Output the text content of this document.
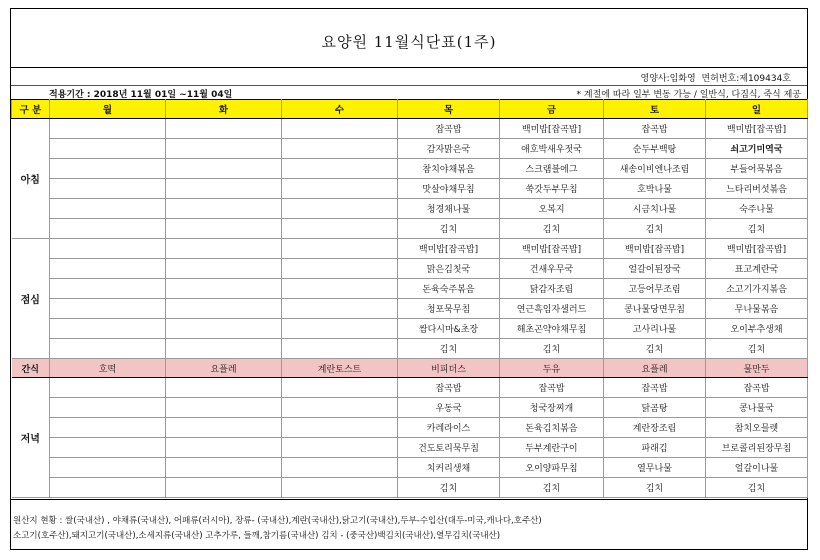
요양원 11월식단표(1주)
영양사:임화영 면허번호:제109434호
적용기간 : 2018년 11월 01일 ~11월 04일	* 계절에 따라 일부 변동 가능 / 일반식, 다짐식, 죽식 제공
구 분	월	화	수	목	금	토	일
아침				잡곡밥	백미밥[잡곡밥]	잡곡밥	백미밥[잡곡밥]
				감자맑은국	애호박새우젓국	순두부백탕	쇠고기미역국
				참치야채볶음	스크램블에그	새송이비엔나조림	부들어묵볶음
				맛살야채무침	쑥갓두부무침	호박나물	느타리버섯볶음
				청경채나물	오복지	시금치나물	숙주나물
				김치	김치	김치	김치
점심				백미밥[잡곡밥]	백미밥[잡곡밥]	백미밥[잡곡밥]	백미밥[잡곡밥]
				맑은김칫국	건새우무국	얼갈이된장국	표고계란국
				돈육숙주볶음	닭감자조림	고등어무조림	소고기가지볶음
				청포묵무침	연근흑임자샐러드	콩나물당면무침	무나물볶음
				쌈다시마&초장	해초곤약야채무침	고사리나물	오이부추생채
				김치	김치	김치	김치
간식	호떡	요플레	계란토스트	비피더스	두유	요플레	물만두
저녁				잡곡밥	잡곡밥	잡곡밥	잡곡밥
				우동국	청국장찌개	닭곰탕	콩나물국
				카레라이스	돈육김치볶음	계란장조림	참치오믈렛
				건도토리묵무침	두부계란구이	파래김	브로콜리된장무침
				치커리생채	오이양파무침	열무나물	얼갈이나물
				김치	김치	김치	김치
원산지 현황 : 쌀(국내산) , 야채류(국내산), 어패류(러시아), 장류- (국내산),계란(국내산),닭고기(국내산),두부-수입산(대두-미국,캐나다,호주산)
소고기(호주산),돼지고기(국내산),소세지류(국내산) 고추가루, 들깨,참기름(국내산) 김치 - (중국산)백김치(국내산),열무김치(국내산)
